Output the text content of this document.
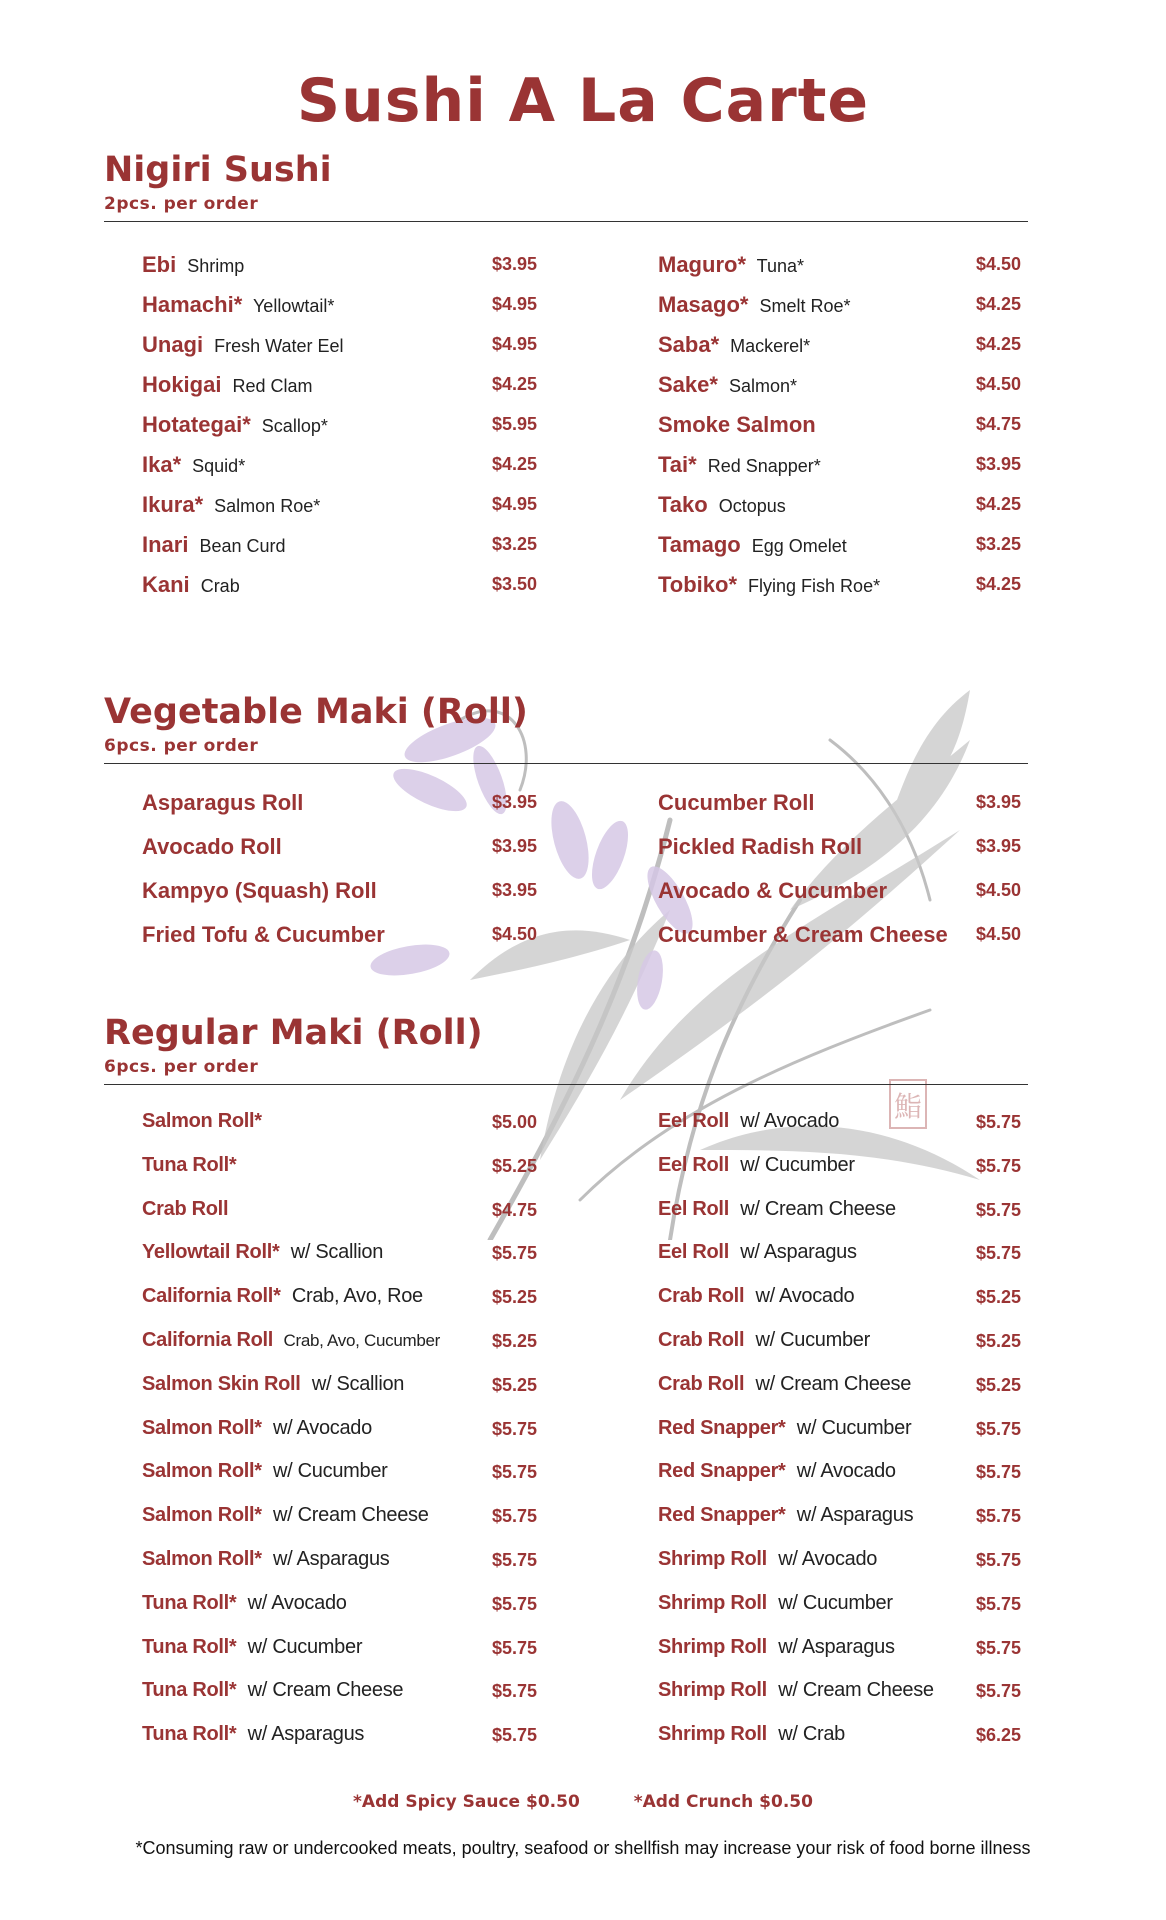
鮨
Sushi A La Carte
Nigiri Sushi
2pcs. per order
Ebi Shrimp	$3.95
Hamachi* Yellowtail*	$4.95
Unagi Fresh Water Eel	$4.95
Hokigai Red Clam	$4.25
Hotategai* Scallop*	$5.95
Ika* Squid*	$4.25
Ikura* Salmon Roe*	$4.95
Inari Bean Curd	$3.25
Kani Crab	$3.50
Maguro* Tuna*	$4.50
Masago* Smelt Roe*	$4.25
Saba* Mackerel*	$4.25
Sake* Salmon*	$4.50
Smoke Salmon	$4.75
Tai* Red Snapper*	$3.95
Tako Octopus	$4.25
Tamago Egg Omelet	$3.25
Tobiko* Flying Fish Roe*	$4.25
Vegetable Maki (Roll)
6pcs. per order
Asparagus Roll	$3.95
Avocado Roll	$3.95
Kampyo (Squash) Roll	$3.95
Fried Tofu & Cucumber	$4.50
Cucumber Roll	$3.95
Pickled Radish Roll	$3.95
Avocado & Cucumber	$4.50
Cucumber & Cream Cheese $4.50
Regular Maki (Roll)
6pcs. per order
Salmon Roll*	$5.00
Tuna Roll*	$5.25
Crab Roll	$4.75
Yellowtail Roll* w/ Scallion	$5.75
California Roll* Crab, Avo, Roe	$5.25
California Roll Crab, Avo, Cucumber	$5.25
Salmon Skin Roll w/ Scallion	$5.25
Salmon Roll* w/ Avocado	$5.75
Salmon Roll* w/ Cucumber	$5.75
Salmon Roll* w/ Cream Cheese	$5.75
Salmon Roll* w/ Asparagus	$5.75
Tuna Roll* w/ Avocado	$5.75
Tuna Roll* w/ Cucumber	$5.75
Tuna Roll* w/ Cream Cheese	$5.75
Tuna Roll* w/ Asparagus	$5.75
Eel Roll w/ Avocado	$5.75
Eel Roll w/ Cucumber	$5.75
Eel Roll w/ Cream Cheese	$5.75
Eel Roll w/ Asparagus	$5.75
Crab Roll w/ Avocado	$5.25
Crab Roll w/ Cucumber	$5.25
Crab Roll w/ Cream Cheese	$5.25
Red Snapper* w/ Cucumber	$5.75
Red Snapper* w/ Avocado	$5.75
Red Snapper* w/ Asparagus	$5.75
Shrimp Roll w/ Avocado	$5.75
Shrimp Roll w/ Cucumber	$5.75
Shrimp Roll w/ Asparagus	$5.75
Shrimp Roll w/ Cream Cheese $5.75
Shrimp Roll w/ Crab	$6.25
*Add Spicy Sauce $0.50	*Add Crunch $0.50
*Consuming raw or undercooked meats, poultry, seafood or shellfish may increase your risk of food borne illness
